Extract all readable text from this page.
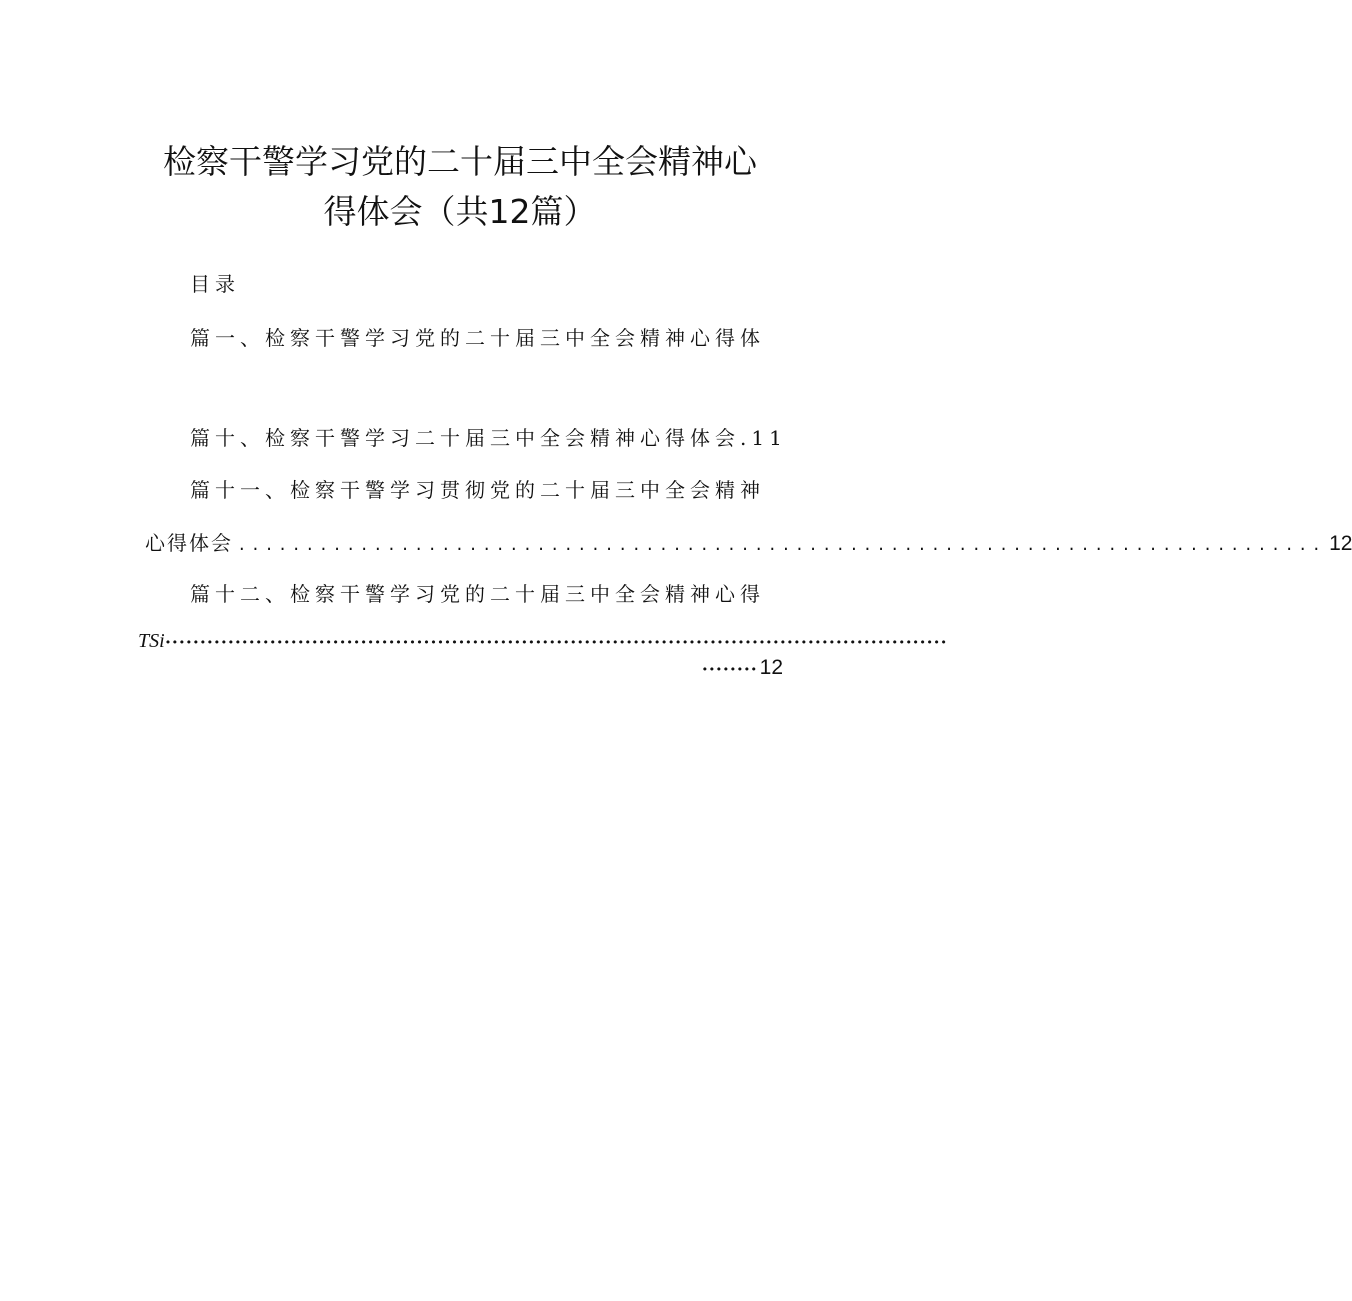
检察干警学习党的二十届三中全会精神心
得体会（共12篇）
目录
篇一、检察干警学习党的二十届三中全会精神心得体
篇十、检察干警学习二十届三中全会精神心得体会.11
篇十一、检察干警学习贯彻党的二十届三中全会精神
心得体会 ................................................................................ 12
篇十二、检察干警学习党的二十届三中全会精神心得
TSi ••••••••••••••••••••••••••••••••••••••••••••••••••••••••••••••••••••••••••••••••••••••••••••••••••••••••••••••••
•••••••• 12
